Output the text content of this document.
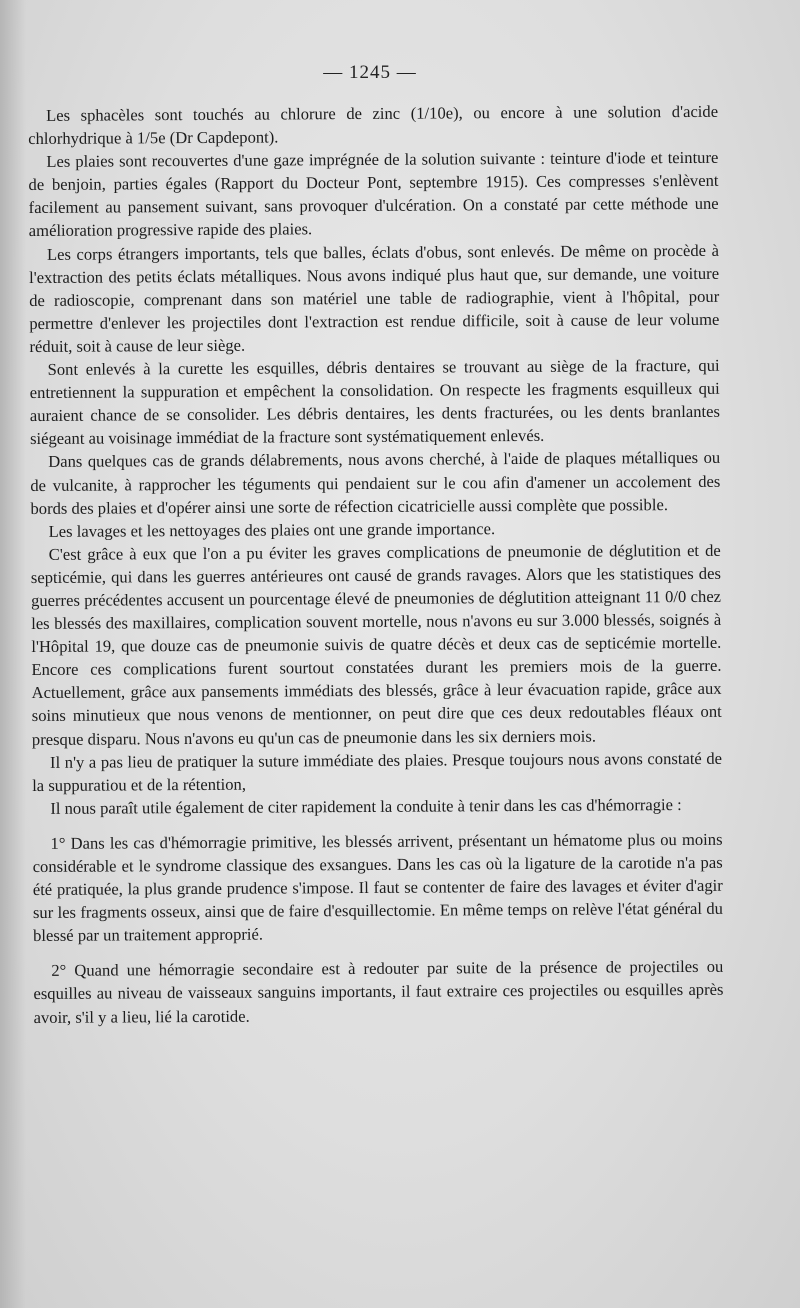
— 1245 —

Les sphacèles sont touchés au chlorure de zinc (1/10e), ou encore à une solution d'acide chlorhydrique à 1/5e (Dr Capdepont).

Les plaies sont recouvertes d'une gaze imprégnée de la solution suivante : teinture d'iode et teinture de benjoin, parties égales (Rapport du Docteur Pont, septembre 1915). Ces compresses s'enlèvent facilement au pansement suivant, sans provoquer d'ulcération. On a constaté par cette méthode une amélioration progressive rapide des plaies.

Les corps étrangers importants, tels que balles, éclats d'obus, sont enlevés. De même on procède à l'extraction des petits éclats métalliques. Nous avons indiqué plus haut que, sur demande, une voiture de radioscopie, comprenant dans son matériel une table de radiographie, vient à l'hôpital, pour permettre d'enlever les projectiles dont l'extraction est rendue difficile, soit à cause de leur volume réduit, soit à cause de leur siège.

Sont enlevés à la curette les esquilles, débris dentaires se trouvant au siège de la fracture, qui entretiennent la suppuration et empêchent la consolidation. On respecte les fragments esquilleux qui auraient chance de se consolider. Les débris dentaires, les dents fracturées, ou les dents branlantes siégeant au voisinage immédiat de la fracture sont systématiquement enlevés.

Dans quelques cas de grands délabrements, nous avons cherché, à l'aide de plaques métalliques ou de vulcanite, à rapprocher les téguments qui pendaient sur le cou afin d'amener un accolement des bords des plaies et d'opérer ainsi une sorte de réfection cicatricielle aussi complète que possible.

Les lavages et les nettoyages des plaies ont une grande importance.

C'est grâce à eux que l'on a pu éviter les graves complications de pneumonie de déglutition et de septicémie, qui dans les guerres antérieures ont causé de grands ravages. Alors que les statistiques des guerres précédentes accusent un pourcentage élevé de pneumonies de déglutition atteignant 11 0/0 chez les blessés des maxillaires, complication souvent mortelle, nous n'avons eu sur 3.000 blessés, soignés à l'Hôpital 19, que douze cas de pneumonie suivis de quatre décès et deux cas de septicémie mortelle. Encore ces complications furent sourtout constatées durant les premiers mois de la guerre. Actuellement, grâce aux pansements immédiats des blessés, grâce à leur évacuation rapide, grâce aux soins minutieux que nous venons de mentionner, on peut dire que ces deux redoutables fléaux ont presque disparu. Nous n'avons eu qu'un cas de pneumonie dans les six derniers mois.

Il n'y a pas lieu de pratiquer la suture immédiate des plaies. Presque toujours nous avons constaté de la suppuratiou et de la rétention,

Il nous paraît utile également de citer rapidement la conduite à tenir dans les cas d'hémorragie :

1° Dans les cas d'hémorragie primitive, les blessés arrivent, présentant un hématome plus ou moins considérable et le syndrome classique des exsangues. Dans les cas où la ligature de la carotide n'a pas été pratiquée, la plus grande prudence s'impose. Il faut se contenter de faire des lavages et éviter d'agir sur les fragments osseux, ainsi que de faire d'esquillectomie. En même temps on relève l'état général du blessé par un traitement approprié.

2° Quand une hémorragie secondaire est à redouter par suite de la présence de projectiles ou esquilles au niveau de vaisseaux sanguins importants, il faut extraire ces projectiles ou esquilles après avoir, s'il y a lieu, lié la carotide.
